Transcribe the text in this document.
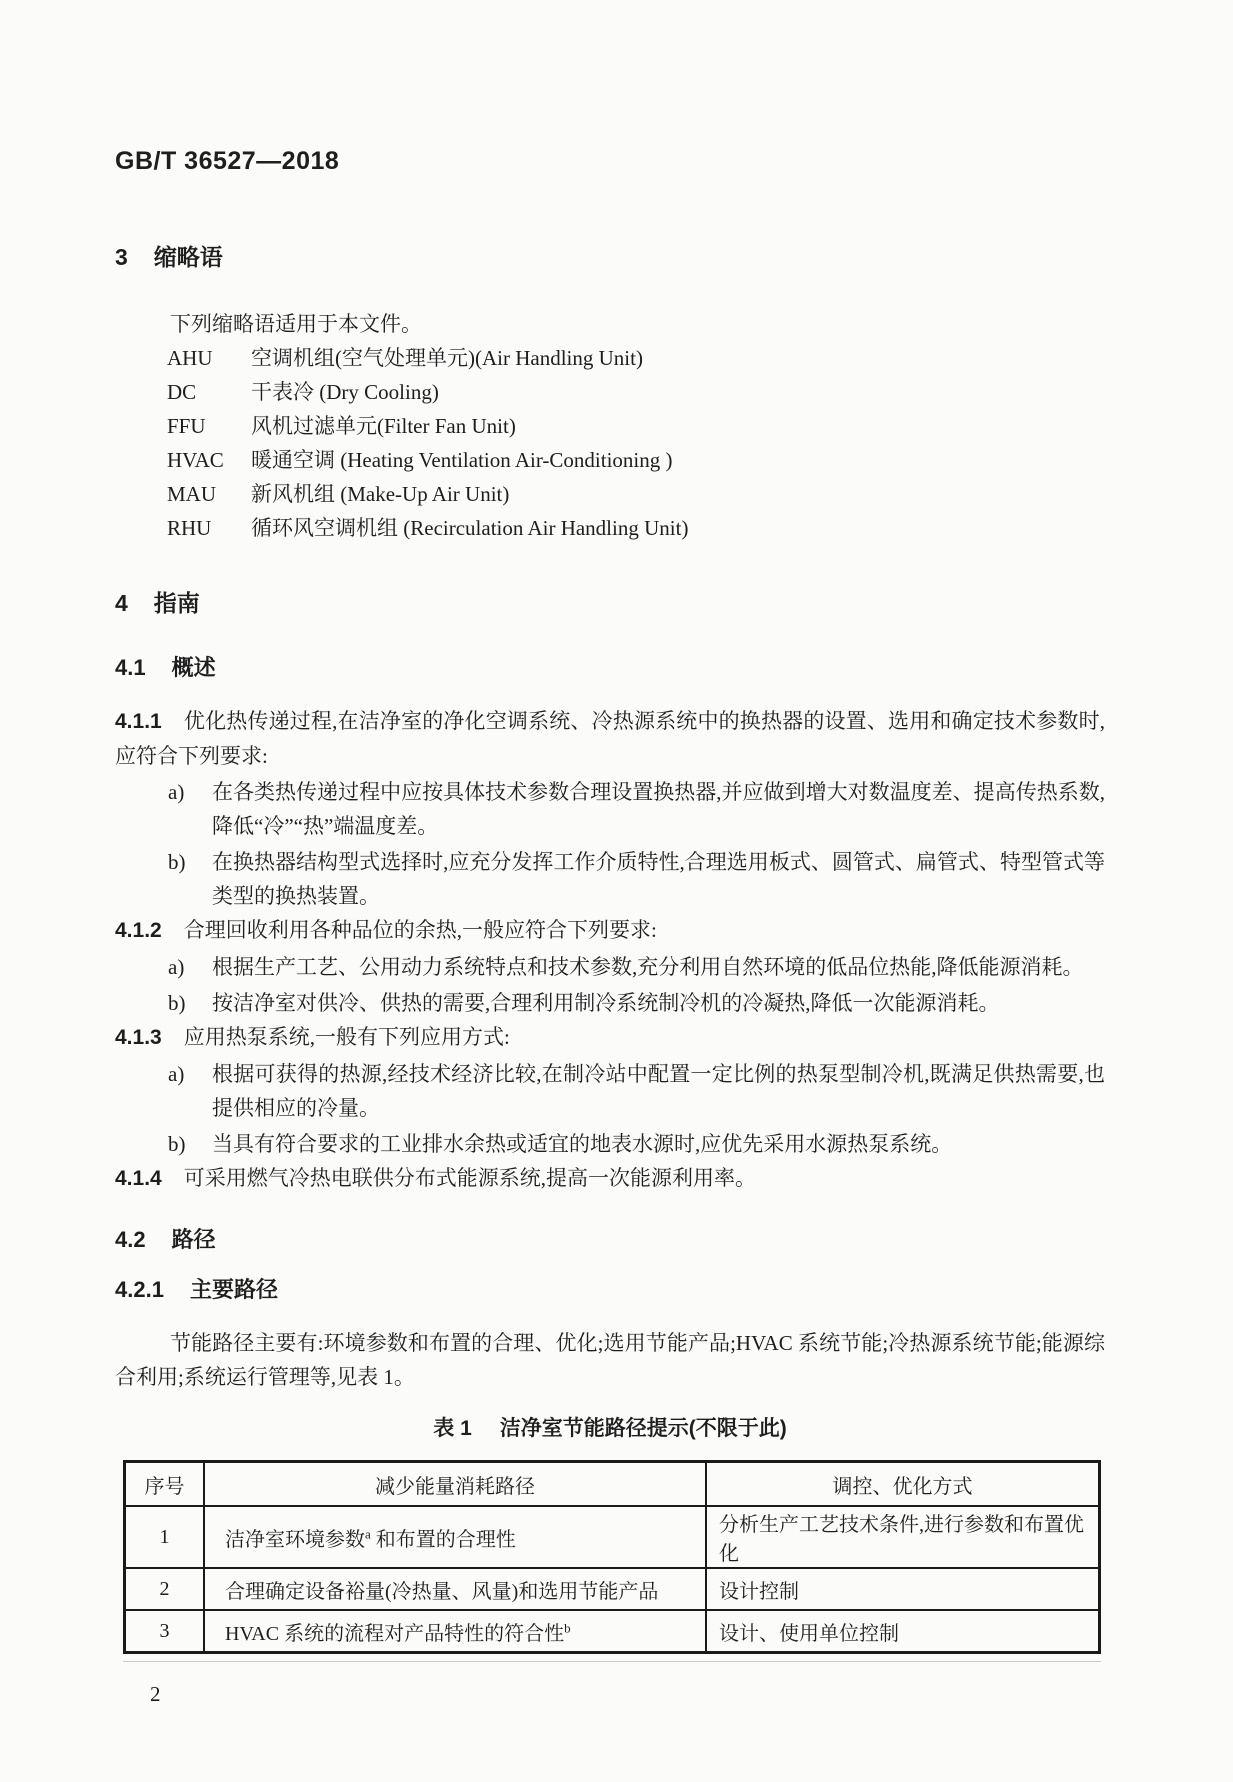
GB/T 36527—2018
3 缩略语

下列缩略语适用于本文件。

AHU 空调机组(空气处理单元)(Air Handling Unit)
DC	干表冷 (Dry Cooling)
FFU 风机过滤单元(Filter Fan Unit)
HVAC 暖通空调 (Heating Ventilation Air-Conditioning )
MAU 新风机组 (Make-Up Air Unit)
RHU 循环风空调机组 (Recirculation Air Handling Unit)
4 指南
4.1 概述

4.1.1 优化热传递过程,在洁净室的净化空调系统、冷热源系统中的换热器的设置、选用和确定技术参数时,应符合下列要求:

a) 在各类热传递过程中应按具体技术参数合理设置换热器,并应做到增大对数温度差、提高传热系数,降低“冷”“热”端温度差。
b) 在换热器结构型式选择时,应充分发挥工作介质特性,合理选用板式、圆管式、扁管式、特型管式等类型的换热装置。

4.1.2 合理回收利用各种品位的余热,一般应符合下列要求:

a) 根据生产工艺、公用动力系统特点和技术参数,充分利用自然环境的低品位热能,降低能源消耗。
b) 按洁净室对供冷、供热的需要,合理利用制冷系统制冷机的冷凝热,降低一次能源消耗。

4.1.3 应用热泵系统,一般有下列应用方式:

a) 根据可获得的热源,经技术经济比较,在制冷站中配置一定比例的热泵型制冷机,既满足供热需要,也提供相应的冷量。
b) 当具有符合要求的工业排水余热或适宜的地表水源时,应优先采用水源热泵系统。

4.1.4 可采用燃气冷热电联供分布式能源系统,提高一次能源利用率。

4.2 路径
4.2.1 主要路径

节能路径主要有:环境参数和布置的合理、优化;选用节能产品;HVAC 系统节能;冷热源系统节能;能源综合利用;系统运行管理等,见表 1。

表 1 洁净室节能路径提示(不限于此)
序号	减少能量消耗路径	调控、优化方式
1	洁净室环境参数$^a$ 和布置的合理性	分析生产工艺技术条件,进行参数和布置优化
2	合理确定设备裕量(冷热量、风量)和选用节能产品	设计控制
3	HVAC 系统的流程对产品特性的符合性$^b$	设计、使用单位控制
2
